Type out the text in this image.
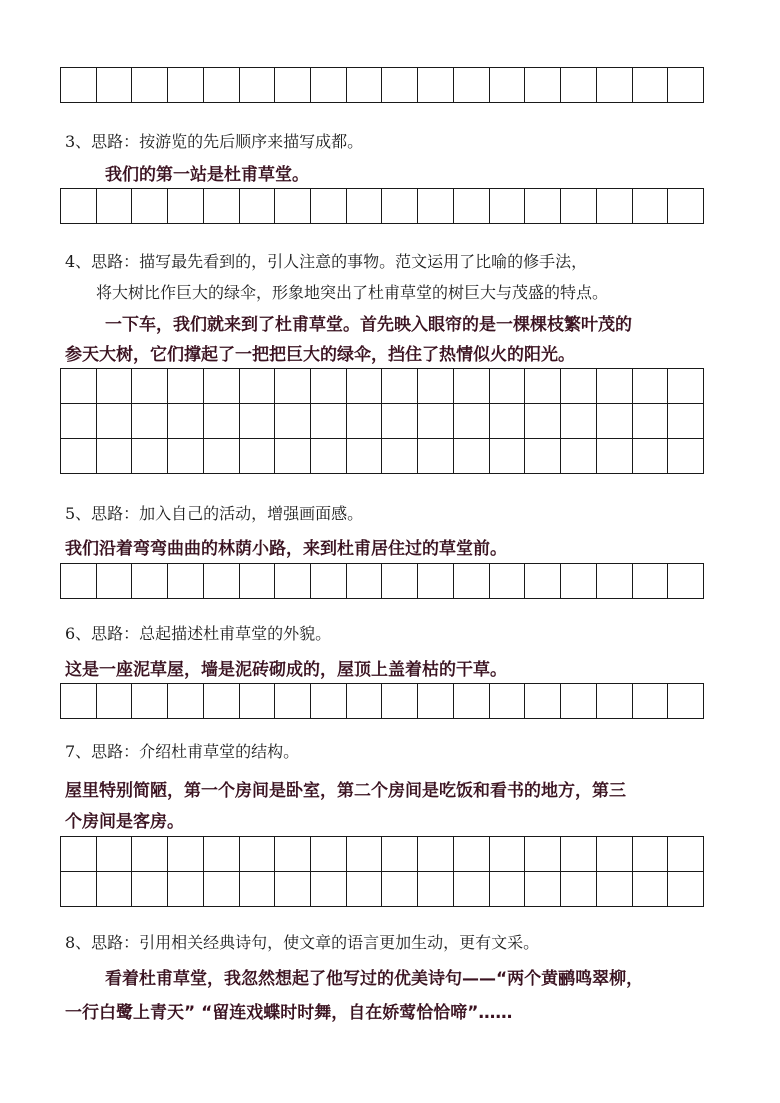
3、思路：按游览的先后顺序来描写成都。
我们的第一站是杜甫草堂。
4、思路：描写最先看到的，引人注意的事物。范文运用了比喻的修手法，
将大树比作巨大的绿伞，形象地突出了杜甫草堂的树巨大与茂盛的特点。
一下车，我们就来到了杜甫草堂。首先映入眼帘的是一棵棵枝繁叶茂的
参天大树，它们撑起了一把把巨大的绿伞，挡住了热情似火的阳光。
5、思路：加入自己的活动，增强画面感。
我们沿着弯弯曲曲的林荫小路，来到杜甫居住过的草堂前。
6、思路：总起描述杜甫草堂的外貌。
这是一座泥草屋，墙是泥砖砌成的，屋顶上盖着枯的干草。
7、思路：介绍杜甫草堂的结构。
屋里特别简陋，第一个房间是卧室，第二个房间是吃饭和看书的地方，第三
个房间是客房。
8、思路：引用相关经典诗句，使文章的语言更加生动，更有文采。
看着杜甫草堂，我忽然想起了他写过的优美诗句——“两个黄鹂鸣翠柳，
一行白鹭上青天” “留连戏蝶时时舞，自在娇莺恰恰啼”……
